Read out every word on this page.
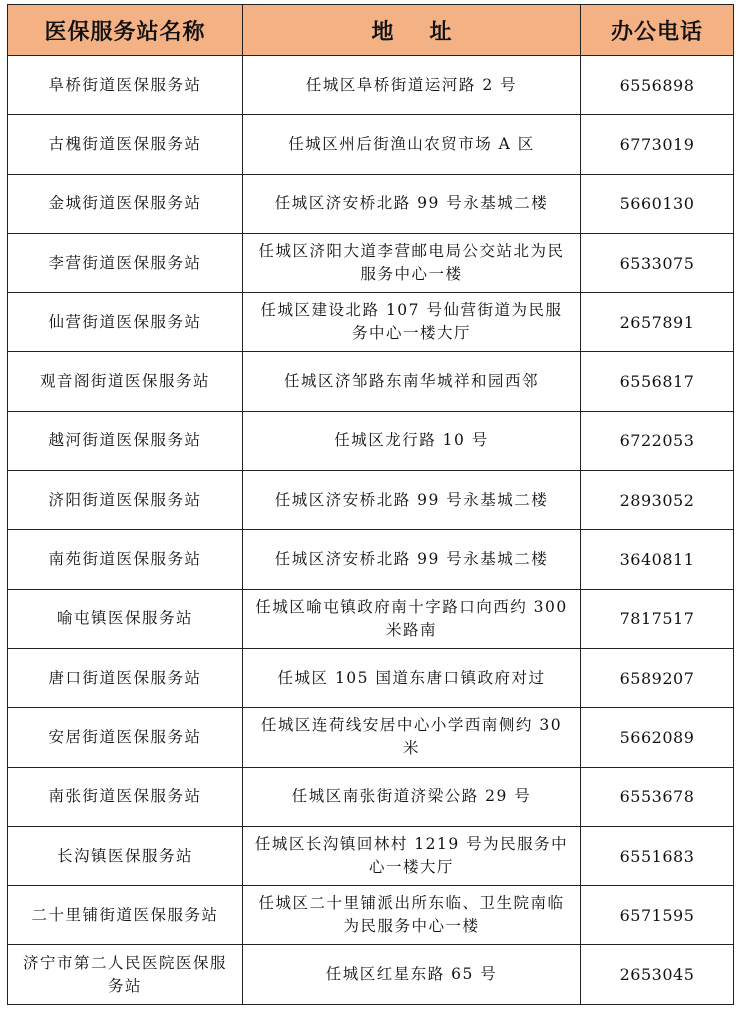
医保服务站名称	地 址	办公电话
阜桥街道医保服务站	任城区阜桥街道运河路 2 号	6556898
古槐街道医保服务站	任城区州后街渔山农贸市场 A 区	6773019
金城街道医保服务站	任城区济安桥北路 99 号永基城二楼	5660130
李营街道医保服务站	任城区济阳大道李营邮电局公交站北为民服务中心一楼	6533075
仙营街道医保服务站	任城区建设北路 107 号仙营街道为民服务中心一楼大厅	2657891
观音阁街道医保服务站	任城区济邹路东南华城祥和园西邻	6556817
越河街道医保服务站	任城区龙行路 10 号	6722053
济阳街道医保服务站	任城区济安桥北路 99 号永基城二楼	2893052
南苑街道医保服务站	任城区济安桥北路 99 号永基城二楼	3640811
喻屯镇医保服务站	任城区喻屯镇政府南十字路口向西约 300 米路南	7817517
唐口街道医保服务站	任城区 105 国道东唐口镇政府对过	6589207
安居街道医保服务站	任城区连荷线安居中心小学西南侧约 30 米	5662089
南张街道医保服务站	任城区南张街道济梁公路 29 号	6553678
长沟镇医保服务站	任城区长沟镇回林村 1219 号为民服务中心一楼大厅	6551683
二十里铺街道医保服务站	任城区二十里铺派出所东临、卫生院南临为民服务中心一楼	6571595
济宁市第二人民医院医保服务站	任城区红星东路 65 号	2653045
